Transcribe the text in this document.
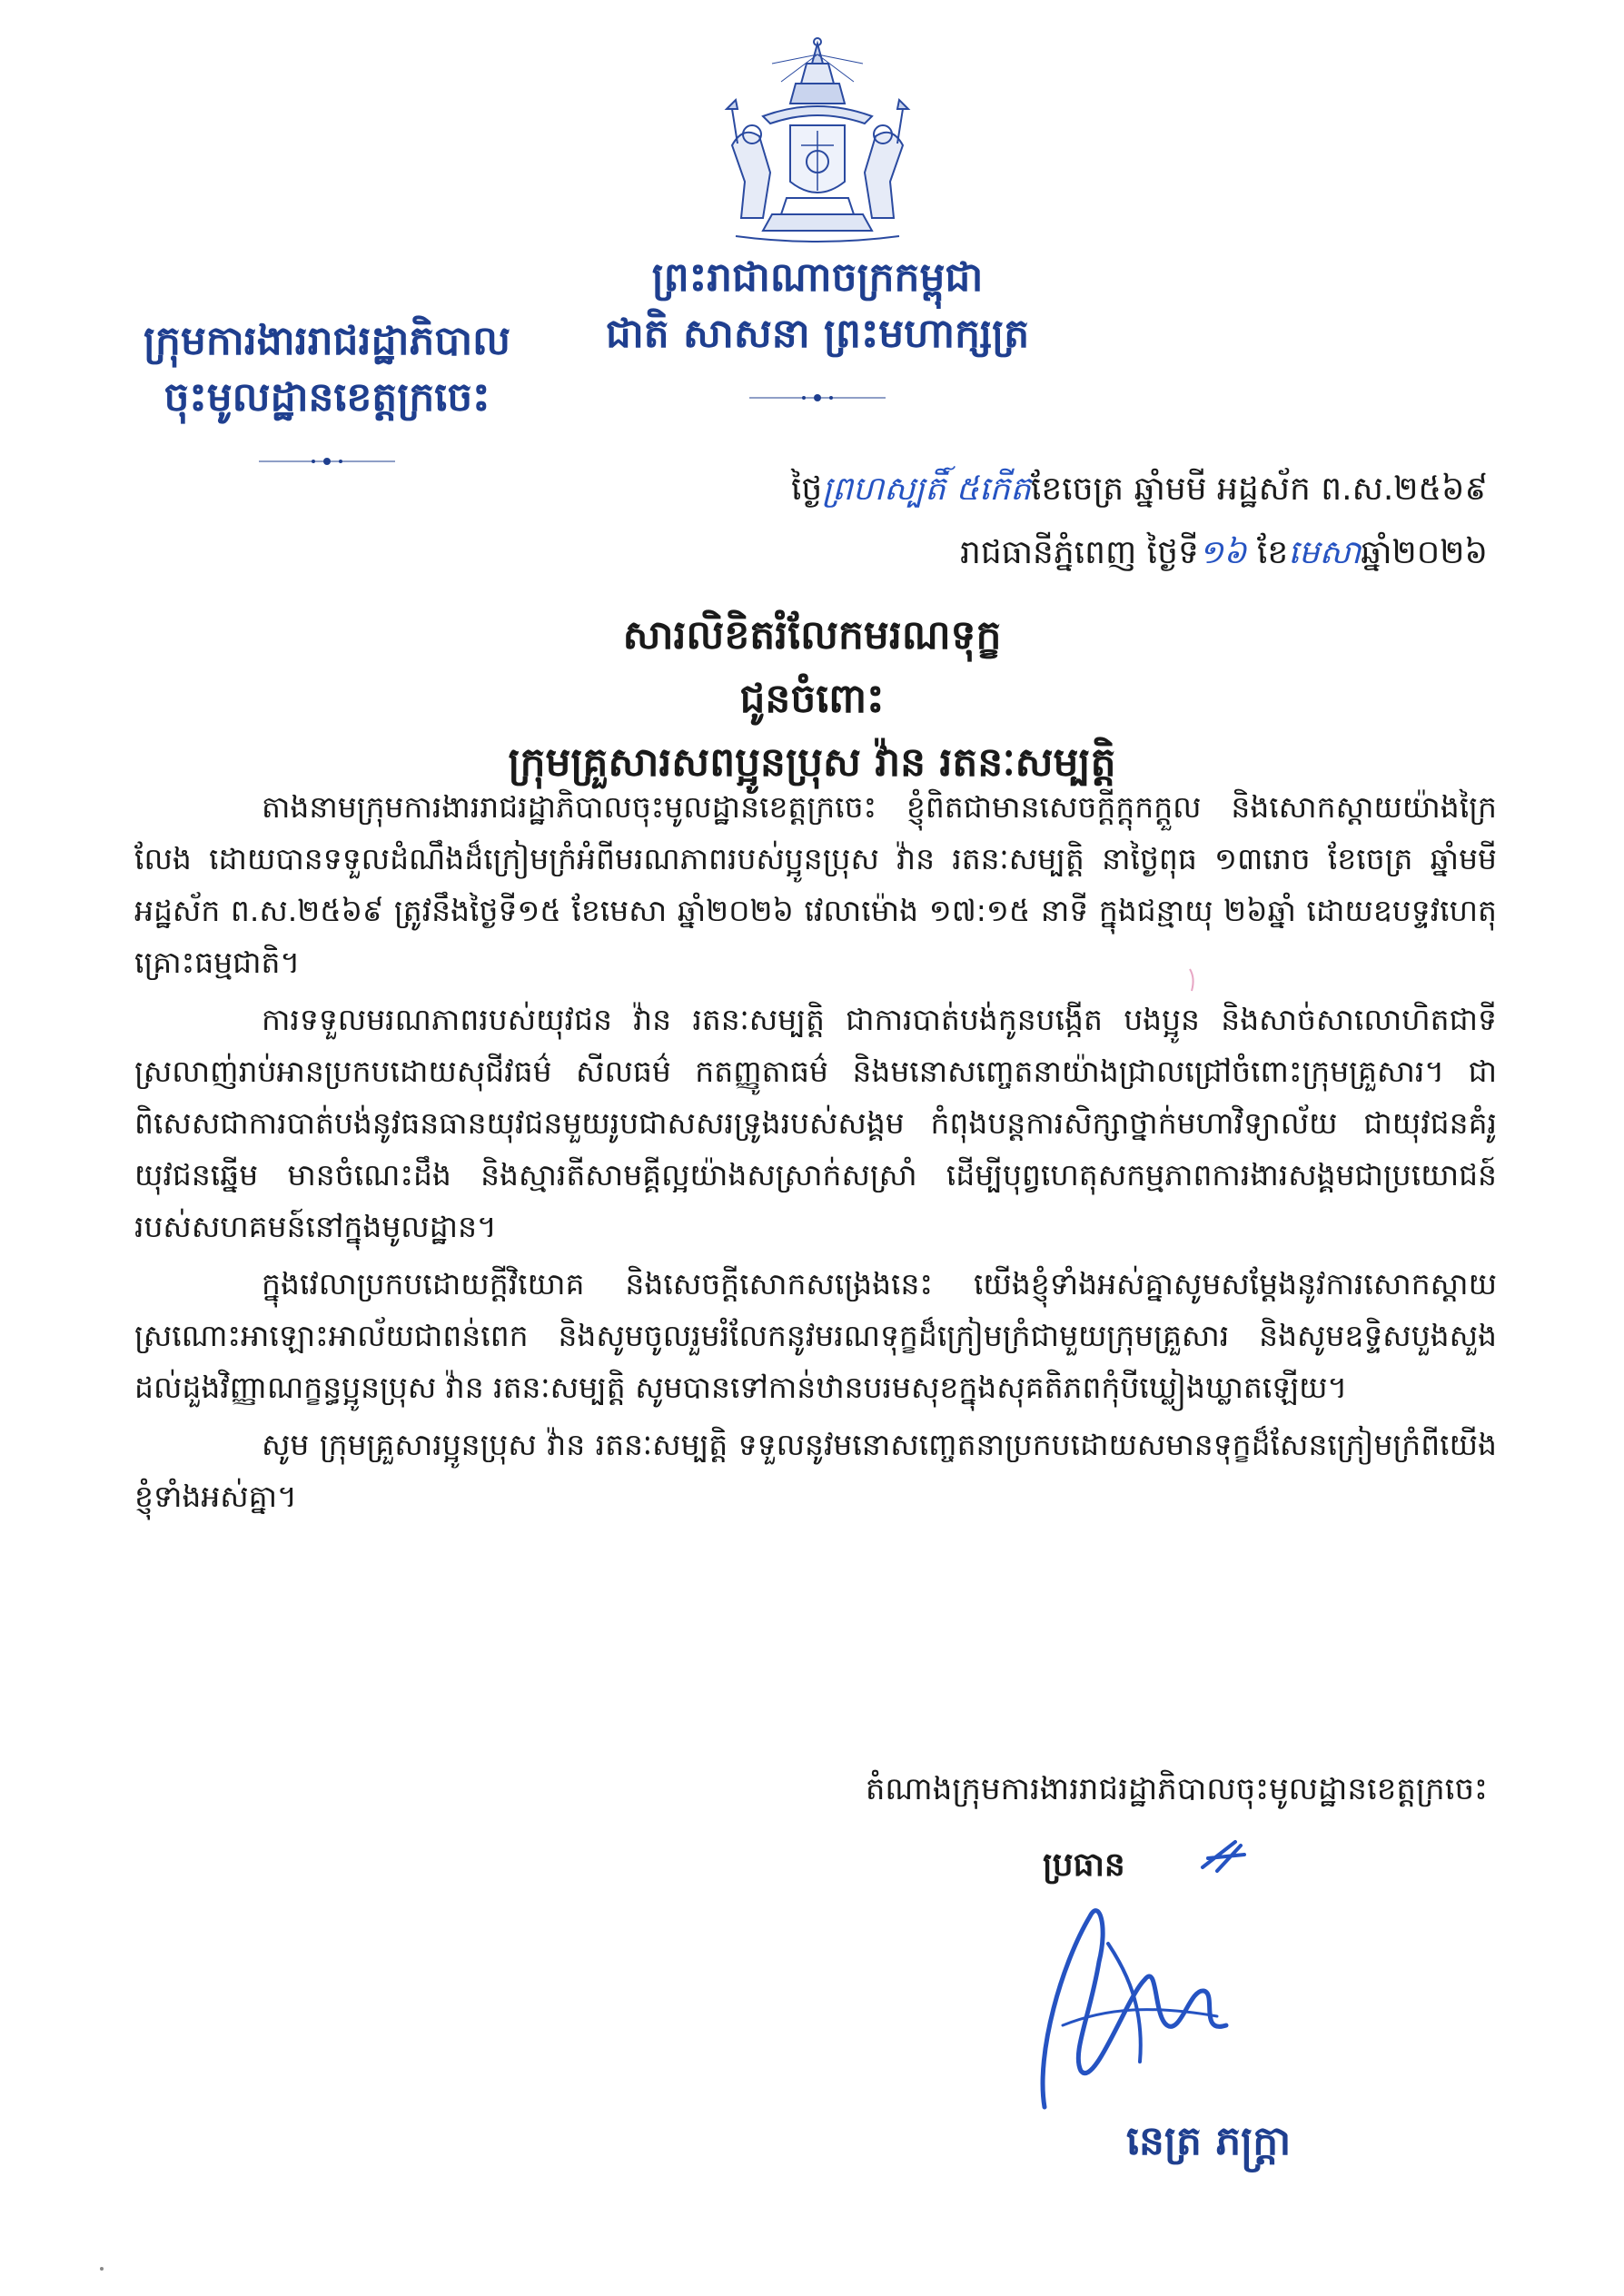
ព្រះរាជាណាចក្រកម្ពុជា
ជាតិ សាសនា ព្រះមហាក្សត្រ
ក្រុមការងាររាជរដ្ឋាភិបាល
ចុះមូលដ្ឋានខេត្តក្រចេះ
ថ្ងៃព្រហស្បតិ៍ ៥កើតខែចេត្រ ឆ្នាំមមី អដ្ឋស័ក ព.ស.២៥៦៩
រាជធានីភ្នំពេញ ថ្ងៃទី១៦ ខែមេសាឆ្នាំ២០២៦
សារលិខិតរំលែកមរណទុក្ខ
ជូនចំពោះ
ក្រុមគ្រួសារសពប្អូនប្រុស វ៉ាន រតនៈសម្បត្តិ

តាងនាមក្រុមការងាររាជរដ្ឋាភិបាលចុះមូលដ្ឋានខេត្តក្រចេះ ខ្ញុំពិតជាមានសេចក្តីក្តុកក្តួល និងសោកស្តាយយ៉ាងក្រៃលែង ដោយបានទទួលដំណឹងដ៏ក្រៀមក្រំអំពីមរណភាពរបស់ប្អូនប្រុស វ៉ាន រតនៈសម្បត្តិ នាថ្ងៃពុធ ១៣រោច ខែចេត្រ ឆ្នាំមមី អដ្ឋស័ក ព.ស.២៥៦៩ ត្រូវនឹងថ្ងៃទី១៥ ខែមេសា ឆ្នាំ២០២៦ វេលាម៉ោង ១៧:១៥ នាទី ក្នុងជន្មាយុ ២៦ឆ្នាំ ដោយឧបទ្ទវហេតុគ្រោះធម្មជាតិ។

ការទទួលមរណភាពរបស់យុវជន វ៉ាន រតនៈសម្បត្តិ ជាការបាត់បង់កូនបង្កើត បងប្អូន និងសាច់សាលោហិតជាទីស្រលាញ់រាប់អានប្រកបដោយសុជីវធម៌ សីលធម៌ កតញ្ញូតាធម៌ និងមនោសញ្ចេតនាយ៉ាងជ្រាលជ្រៅចំពោះក្រុមគ្រួសារ។ ជាពិសេសជាការបាត់បង់នូវធនធានយុវជនមួយរូបជាសសរទ្រូងរបស់សង្គម កំពុងបន្តការសិក្សាថ្នាក់មហាវិទ្យាល័យ ជាយុវជនគំរូ យុវជនឆ្នើម មានចំណេះដឹង និងស្មារតីសាមគ្គីល្អយ៉ាងសស្រាក់សស្រាំ ដើម្បីបុព្វហេតុសកម្មភាពការងារសង្គមជាប្រយោជន៍របស់សហគមន៍នៅក្នុងមូលដ្ឋាន។

ក្នុងវេលាប្រកបដោយក្តីវិយោគ និងសេចក្តីសោកសង្រេងនេះ យើងខ្ញុំទាំងអស់គ្នាសូមសម្តែងនូវការសោកស្តាយ ស្រណោះអាឡោះអាល័យជាពន់ពេក និងសូមចូលរួមរំលែកនូវមរណទុក្ខដ៏ក្រៀមក្រំជាមួយក្រុមគ្រួសារ និងសូមឧទ្ទិសបួងសួងដល់ដួងវិញ្ញាណក្ខន្ធប្អូនប្រុស វ៉ាន រតនៈសម្បត្តិ សូមបានទៅកាន់ឋានបរមសុខក្នុងសុគតិភពកុំបីឃ្លៀងឃ្លាតឡើយ។

សូម ក្រុមគ្រួសារប្អូនប្រុស វ៉ាន រតនៈសម្បត្តិ ទទួលនូវមនោសញ្ចេតនាប្រកបដោយសមានទុក្ខដ៏សែនក្រៀមក្រំពីយើងខ្ញុំទាំងអស់គ្នា។

តំណាងក្រុមការងាររាជរដ្ឋាភិបាលចុះមូលដ្ឋានខេត្តក្រចេះ
ប្រធាន
នេត្រ ភក្ត្រា
